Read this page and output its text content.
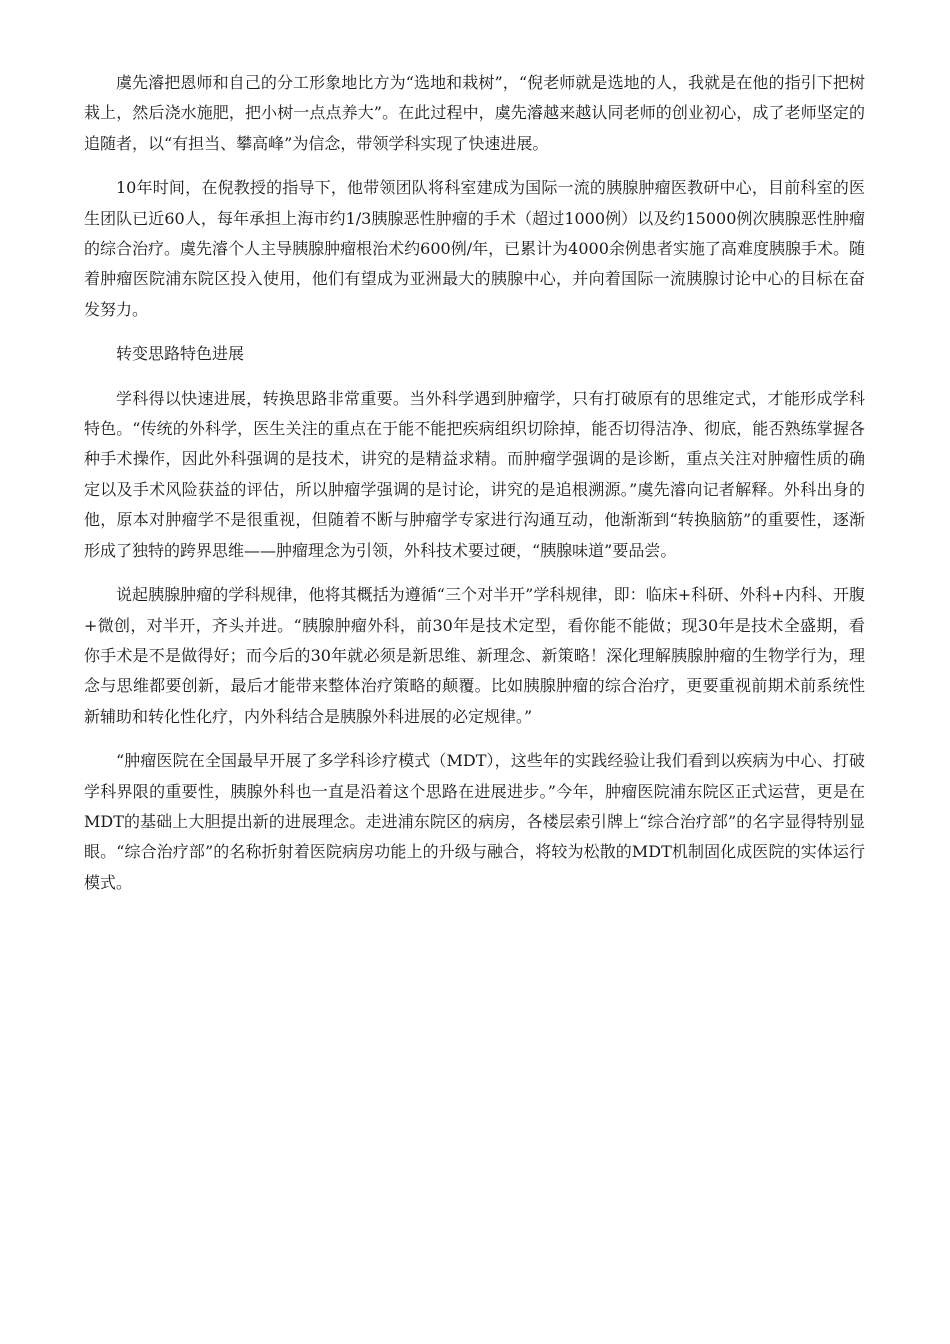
虞先濬把恩师和自己的分工形象地比方为“选地和栽树”，“倪老师就是选地的人，我就是在他的指引下把树栽上，然后浇水施肥，把小树一点点养大”。在此过程中，虞先濬越来越认同老师的创业初心，成了老师坚定的追随者，以“有担当、攀高峰”为信念，带领学科实现了快速进展。

10年时间，在倪教授的指导下，他带领团队将科室建成为国际一流的胰腺肿瘤医教研中心，目前科室的医生团队已近60人，每年承担上海市约1/3胰腺恶性肿瘤的手术（超过1000例）以及约15000例次胰腺恶性肿瘤的综合治疗。虞先濬个人主导胰腺肿瘤根治术约600例/年，已累计为4000余例患者实施了高难度胰腺手术。随着肿瘤医院浦东院区投入使用，他们有望成为亚洲最大的胰腺中心，并向着国际一流胰腺讨论中心的目标在奋发努力。

转变思路特色进展

学科得以快速进展，转换思路非常重要。当外科学遇到肿瘤学，只有打破原有的思维定式，才能形成学科特色。“传统的外科学，医生关注的重点在于能不能把疾病组织切除掉，能否切得洁净、彻底，能否熟练掌握各种手术操作，因此外科强调的是技术，讲究的是精益求精。而肿瘤学强调的是诊断，重点关注对肿瘤性质的确定以及手术风险获益的评估，所以肿瘤学强调的是讨论，讲究的是追根溯源。”虞先濬向记者解释。外科出身的他，原本对肿瘤学不是很重视，但随着不断与肿瘤学专家进行沟通互动，他渐渐到“转换脑筋”的重要性，逐渐形成了独特的跨界思维——肿瘤理念为引领，外科技术要过硬，“胰腺味道”要品尝。

说起胰腺肿瘤的学科规律，他将其概括为遵循“三个对半开”学科规律，即：临床+科研、外科+内科、开腹+微创，对半开，齐头并进。“胰腺肿瘤外科，前30年是技术定型，看你能不能做；现30年是技术全盛期，看你手术是不是做得好；而今后的30年就必须是新思维、新理念、新策略！深化理解胰腺肿瘤的生物学行为，理念与思维都要创新，最后才能带来整体治疗策略的颠覆。比如胰腺肿瘤的综合治疗，更要重视前期术前系统性新辅助和转化性化疗，内外科结合是胰腺外科进展的必定规律。”

“肿瘤医院在全国最早开展了多学科诊疗模式（MDT），这些年的实践经验让我们看到以疾病为中心、打破学科界限的重要性，胰腺外科也一直是沿着这个思路在进展进步。”今年，肿瘤医院浦东院区正式运营，更是在MDT的基础上大胆提出新的进展理念。走进浦东院区的病房，各楼层索引牌上“综合治疗部”的名字显得特别显眼。“综合治疗部”的名称折射着医院病房功能上的升级与融合，将较为松散的MDT机制固化成医院的实体运行模式。
